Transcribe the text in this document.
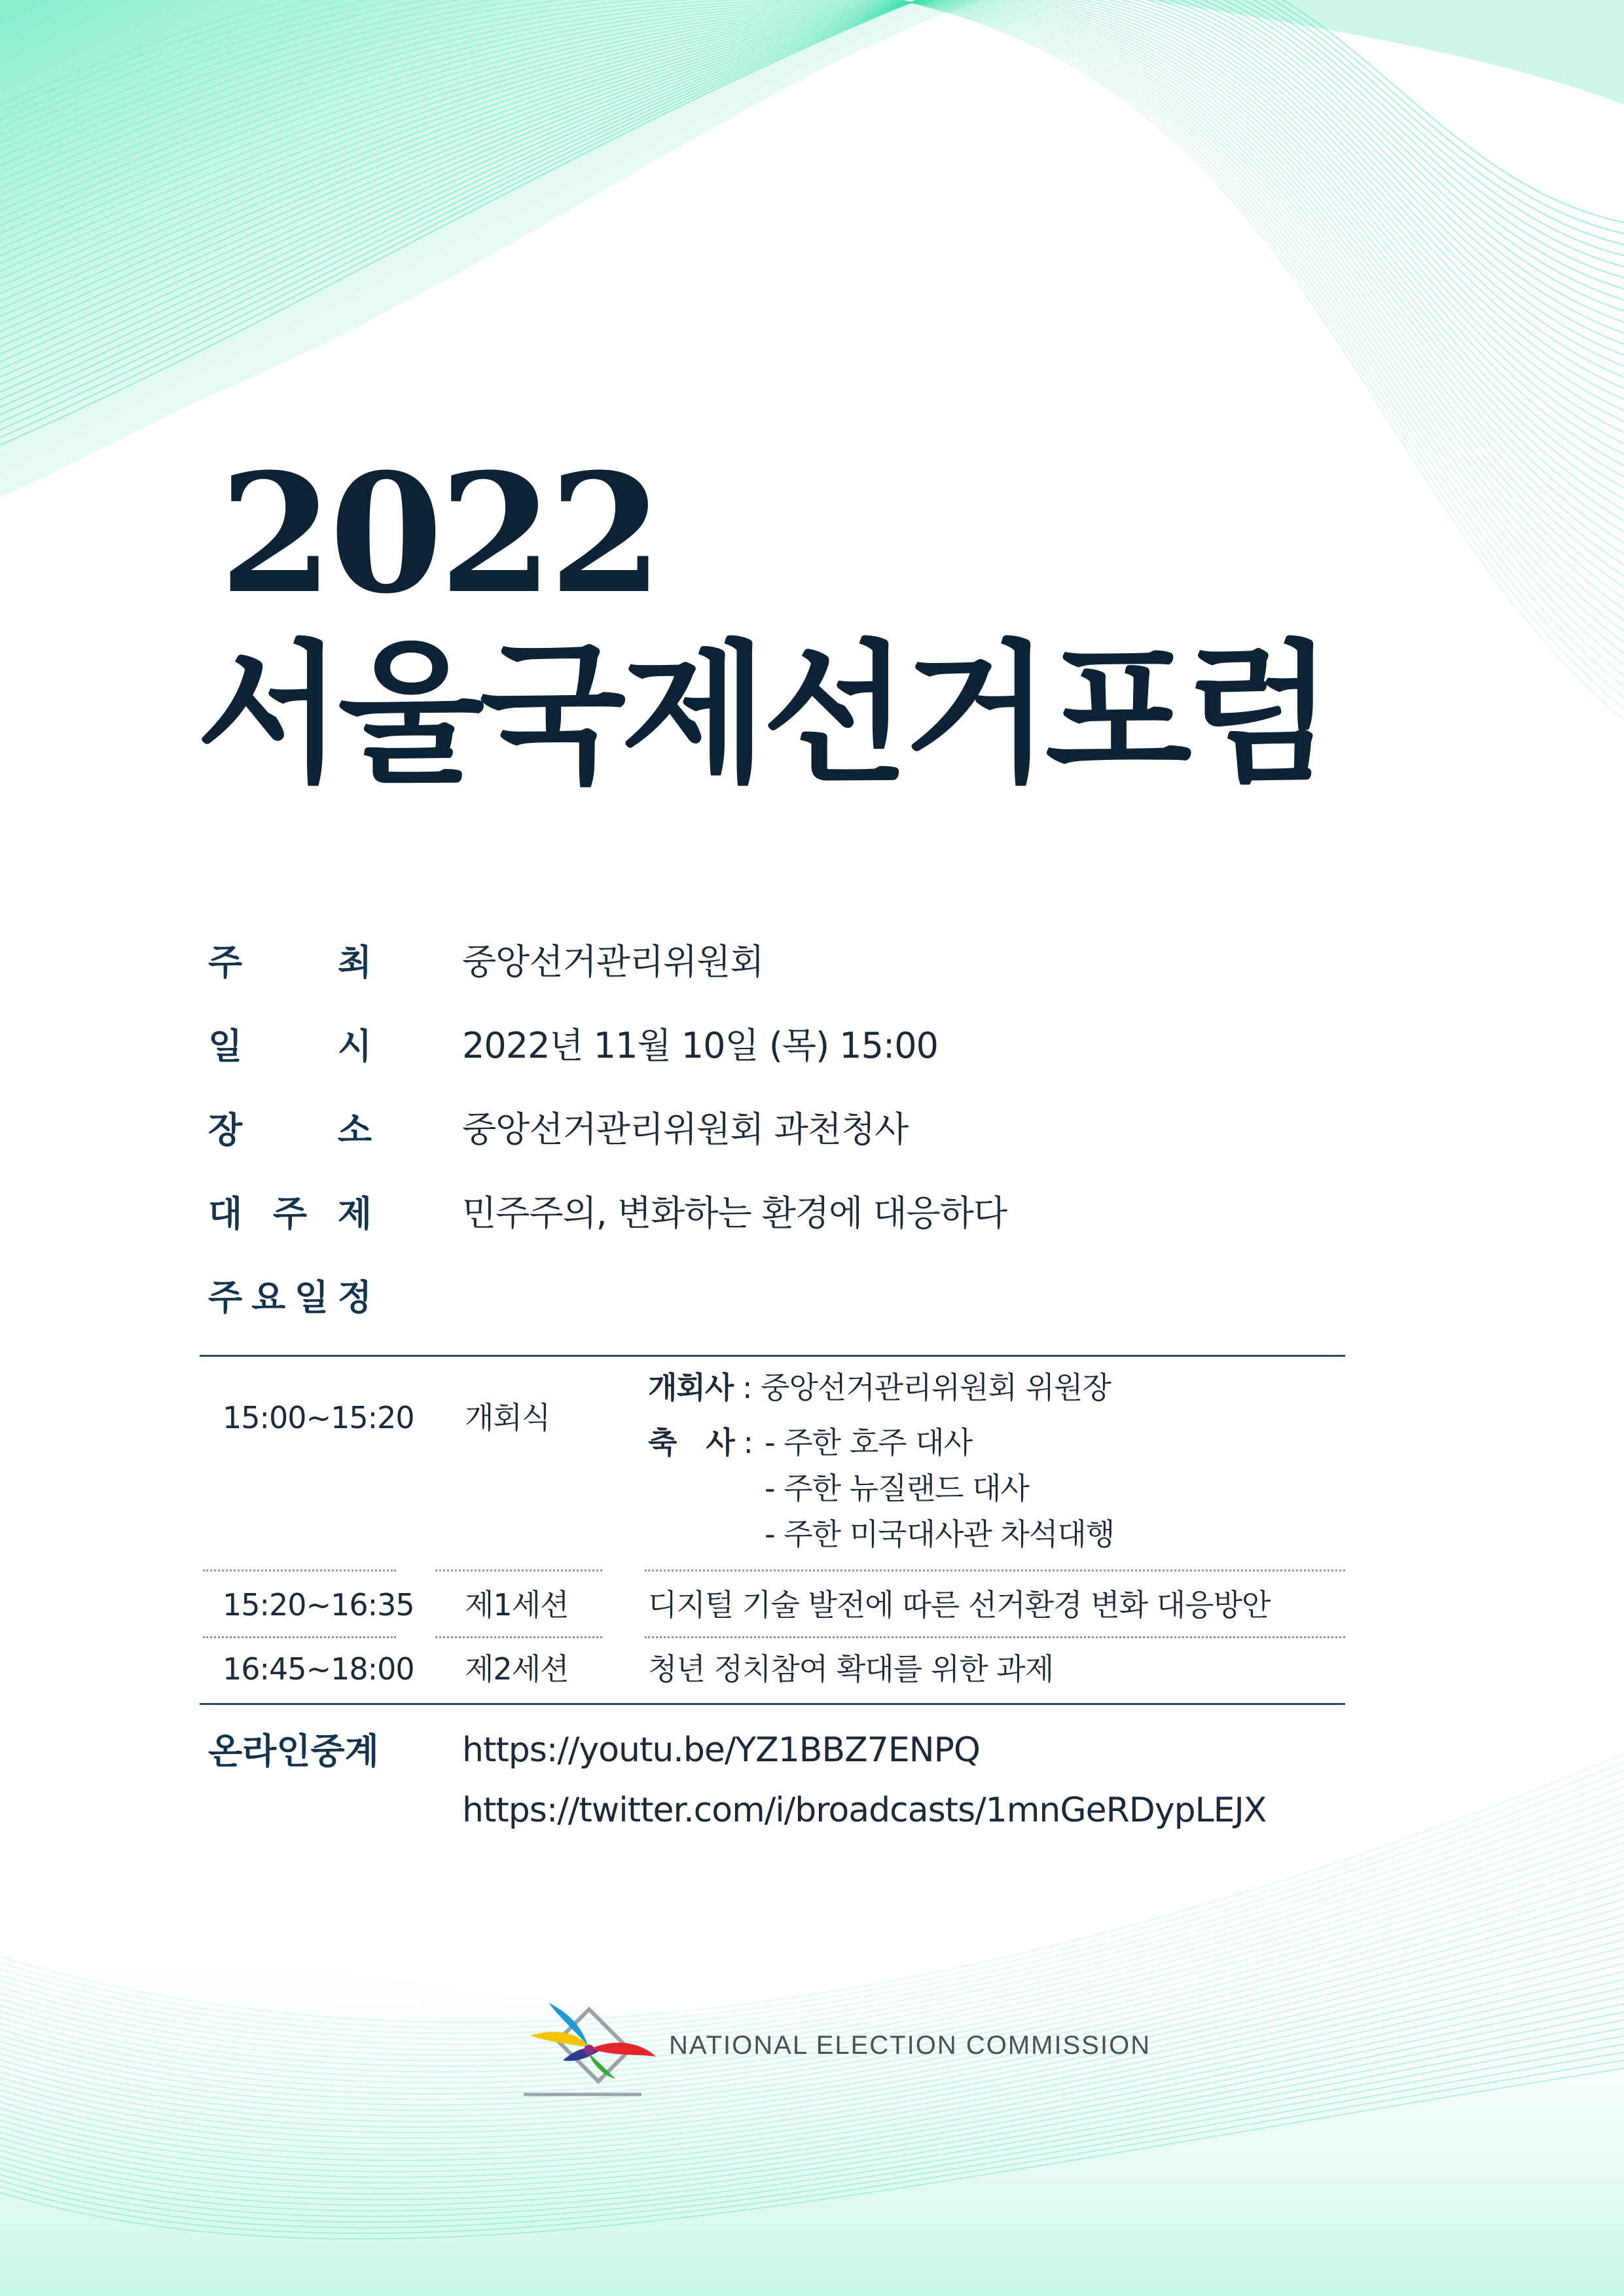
2022
서울국제선거포럼
주	최	중앙선거관리위원회
일	시	2022년 11월 10일 (목) 15:00
장	소	중앙선거관리위원회 과천청사
대 주 제	민주주의, 변화하는 환경에 대응하다
주 요 일 정
15:00~15:20 개회식
개회사 : 중앙선거관리위원회 위원장
축　사 : - 주한 호주 대사
- 주한 뉴질랜드 대사
- 주한 미국대사관 차석대행
15:20~16:35 제1세션	디지털 기술 발전에 따른 선거환경 변화 대응방안
16:45~18:00 제2세션	청년 정치참여 확대를 위한 과제
온라인중계 https://youtu.be/YZ1BBZ7ENPQ
https://twitter.com/i/broadcasts/1mnGeRDypLEJX
NATIONAL ELECTION COMMISSION
